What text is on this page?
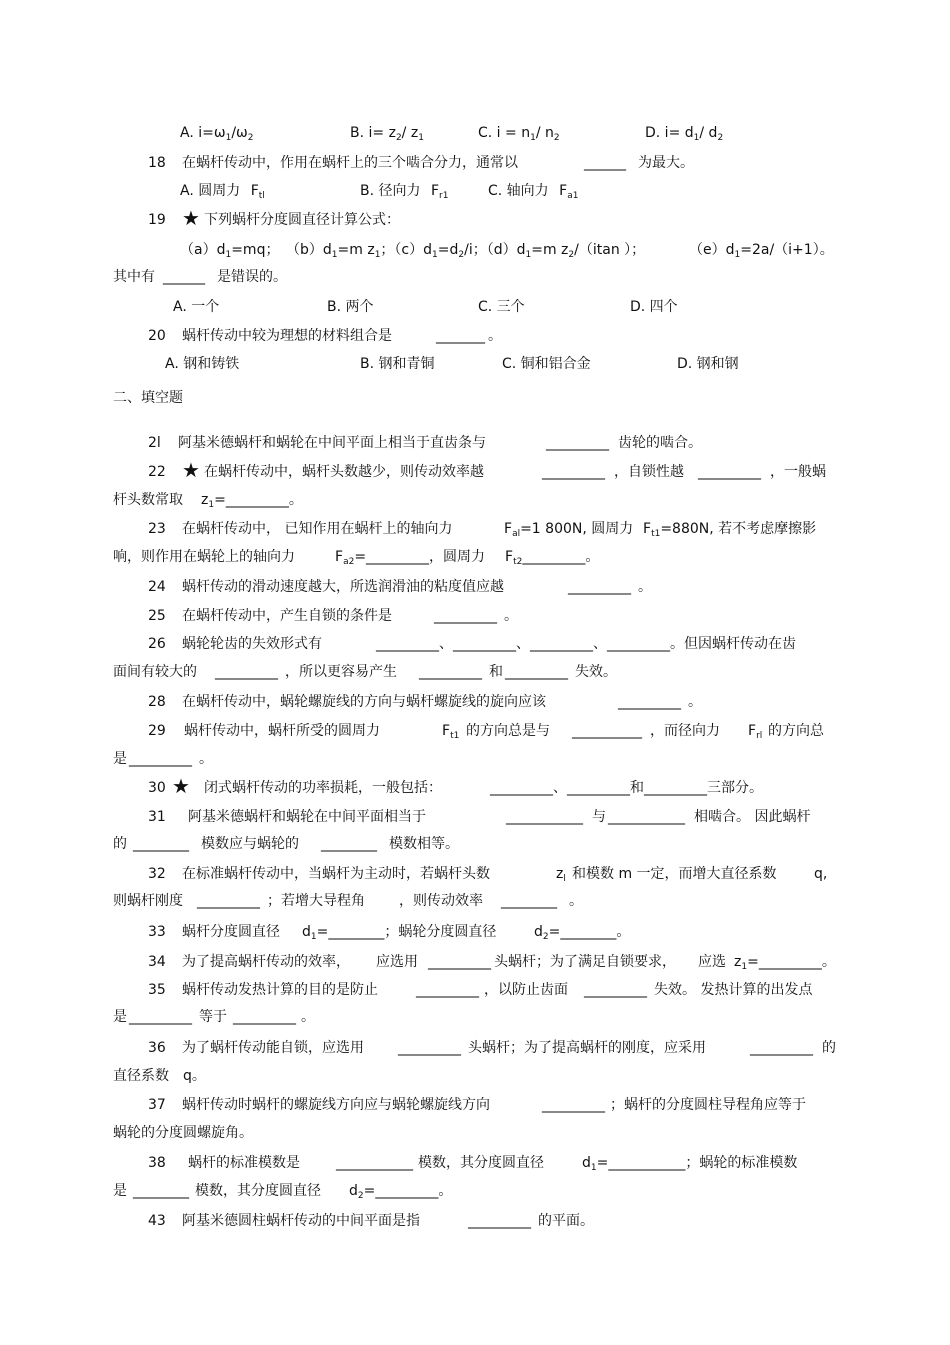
A. $i=\omega_1/\omega_2$	B. $i= z_2/$ $z_1$	C. $i = n_1/$ $n_2$	D. $i= d_1/$ $d_2$
18 在蜗杆传动中，作用在蜗杆上的三个啮合分力，通常以	______ 为最大。
A. 圆周力 $F_{tl}$	B. 径向力 $F_{r1}$	C. 轴向力 $F_{a1}$
19 ★ 下列蜗杆分度圆直径计算公式：
$(a)d_1=mq$； $(b)d_1=m$ $z_1$；$(c)d_1=d_2/i$；$(d)d_1=m$ $z_2/(itan$ ）；	$(e)d_1=2a/(i+1)$。
其中有 ______ 是错误的。
A. 一个	B. 两个	C. 三个	D. 四个
20 蜗杆传动中较为理想的材料组合是	_______ 。
A. 钢和铸铁	B. 钢和青铜	C. 铜和铝合金	D. 钢和钢
二、填空题
2l 阿基米德蜗杆和蜗轮在中间平面上相当于直齿条与	_________ 齿轮的啮合。
22 ★ 在蜗杆传动中，蜗杆头数越少，则传动效率越	_________ ，自锁性越 _________ ，一般蜗
杆头数常取 $z_1=\_\_\_\_\_\_\_\_\_$。
23 在蜗杆传动中， 已知作用在蜗杆上的轴向力	$F_{al}=1$ 800N, 圆周力 $F_{t1}=880N$, 若不考虑摩擦影
响，则作用在蜗轮上的轴向力	$F_{a2}=\_\_\_\_\_\_\_\_\_$，圆周力 $F_{t2}\_\_\_\_\_\_\_\_\_$。
24 蜗杆传动的滑动速度越大，所选润滑油的粘度值应越	_________ 。
25 在蜗杆传动中，产生自锁的条件是	_________ 。
26 蜗轮轮齿的失效形式有	_________、_________、_________、_________。但因蜗杆传动在齿
面间有较大的 _________ ，所以更容易产生 _________ 和 _________ 失效。
28 在蜗杆传动中，蜗轮螺旋线的方向与蜗杆螺旋线的旋向应该	_________ 。
29 蜗杆传动中，蜗杆所受的圆周力	$F_{t1}$ 的方向总是与 __________ ，而径向力 $F_{rl}$ 的方向总
是 _________ 。
30 ★ 闭式蜗杆传动的功率损耗，一般包括：	_________、_________和_________三部分。
31 阿基米德蜗杆和蜗轮在中间平面相当于	___________ 与 ___________ 相啮合。 因此蜗杆
的 ________ 模数应与蜗轮的 ________ 模数相等。
32 在标准蜗杆传动中，当蜗杆为主动时，若蜗杆头数	$z_l$ 和模数 m 一定，而增大直径系数	q,
则蜗杆刚度 _________ ；若增大导程角 ，则传动效率 ________ 。
33 蜗杆分度圆直径 $d_1=\_\_\_\_\_\_\_\_$；蜗轮分度圆直径	$d_2=\_\_\_\_\_\_\_\_$。
34 为了提高蜗杆传动的效率， 应选用 _________ 头蜗杆；为了满足自锁要求， 应选 $z_1=\_\_\_\_\_\_\_\_\_$。
35 蜗杆传动发热计算的目的是防止	_________ ，以防止齿面 _________ 失效。 发热计算的出发点
是 _________ 等于 _________ 。
36 为了蜗杆传动能自锁，应选用 _________ 头蜗杆；为了提高蜗杆的刚度，应采用	_________ 的
直径系数 q。
37 蜗杆传动时蜗杆的螺旋线方向应与蜗轮螺旋线方向	_________ ；蜗杆的分度圆柱导程角应等于
蜗轮的分度圆螺旋角。
38 蜗杆的标准模数是	___________ 模数，其分度圆直径	$d_1=\_\_\_\_\_\_\_\_\_\_\_$；蜗轮的标准模数
是 ________ 模数，其分度圆直径 $d_2=\_\_\_\_\_\_\_\_\_$。
43 阿基米德圆柱蜗杆传动的中间平面是指	_________ 的平面。
